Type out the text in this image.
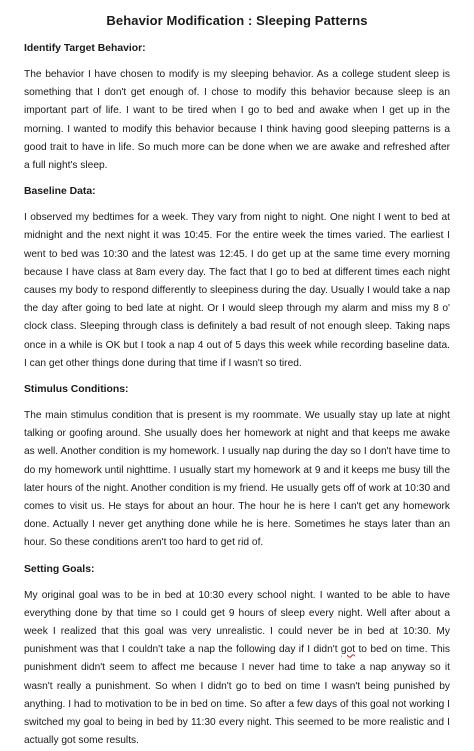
Behavior Modification : Sleeping Patterns
Identify Target Behavior:
The behavior I have chosen to modify is my sleeping behavior. As a college student sleep is something that I don't get enough of. I chose to modify this behavior because sleep is an important part of life. I want to be tired when I go to bed and awake when I get up in the morning. I wanted to modify this behavior because I think having good sleeping patterns is a good trait to have in life. So much more can be done when we are awake and refreshed after a full night's sleep.
Baseline Data:
I observed my bedtimes for a week. They vary from night to night. One night I went to bed at midnight and the next night it was 10:45. For the entire week the times varied. The earliest I went to bed was 10:30 and the latest was 12:45. I do get up at the same time every morning because I have class at 8am every day. The fact that I go to bed at different times each night causes my body to respond differently to sleepiness during the day. Usually I would take a nap the day after going to bed late at night. Or I would sleep through my alarm and miss my 8 o' clock class. Sleeping through class is definitely a bad result of not enough sleep. Taking naps once in a while is OK but I took a nap 4 out of 5 days this week while recording baseline data. I can get other things done during that time if I wasn't so tired.
Stimulus Conditions:
The main stimulus condition that is present is my roommate. We usually stay up late at night talking or goofing around. She usually does her homework at night and that keeps me awake as well. Another condition is my homework. I usually nap during the day so I don't have time to do my homework until nighttime. I usually start my homework at 9 and it keeps me busy till the later hours of the night. Another condition is my friend. He usually gets off of work at 10:30 and comes to visit us. He stays for about an hour. The hour he is here I can't get any homework done. Actually I never get anything done while he is here. Sometimes he stays later than an hour. So these conditions aren't too hard to get rid of.
Setting Goals:
My original goal was to be in bed at 10:30 every school night. I wanted to be able to have everything done by that time so I could get 9 hours of sleep every night. Well after about a week I realized that this goal was very unrealistic. I could never be in bed at 10:30. My punishment was that I couldn't take a nap the following day if I didn't got to bed on time. This punishment didn't seem to affect me because I never had time to take a nap anyway so it wasn't really a punishment. So when I didn't go to bed on time I wasn't being punished by anything. I had to motivation to be in bed on time. So after a few days of this goal not working I switched my goal to being in bed by 11:30 every night. This seemed to be more realistic and I actually got some results.
